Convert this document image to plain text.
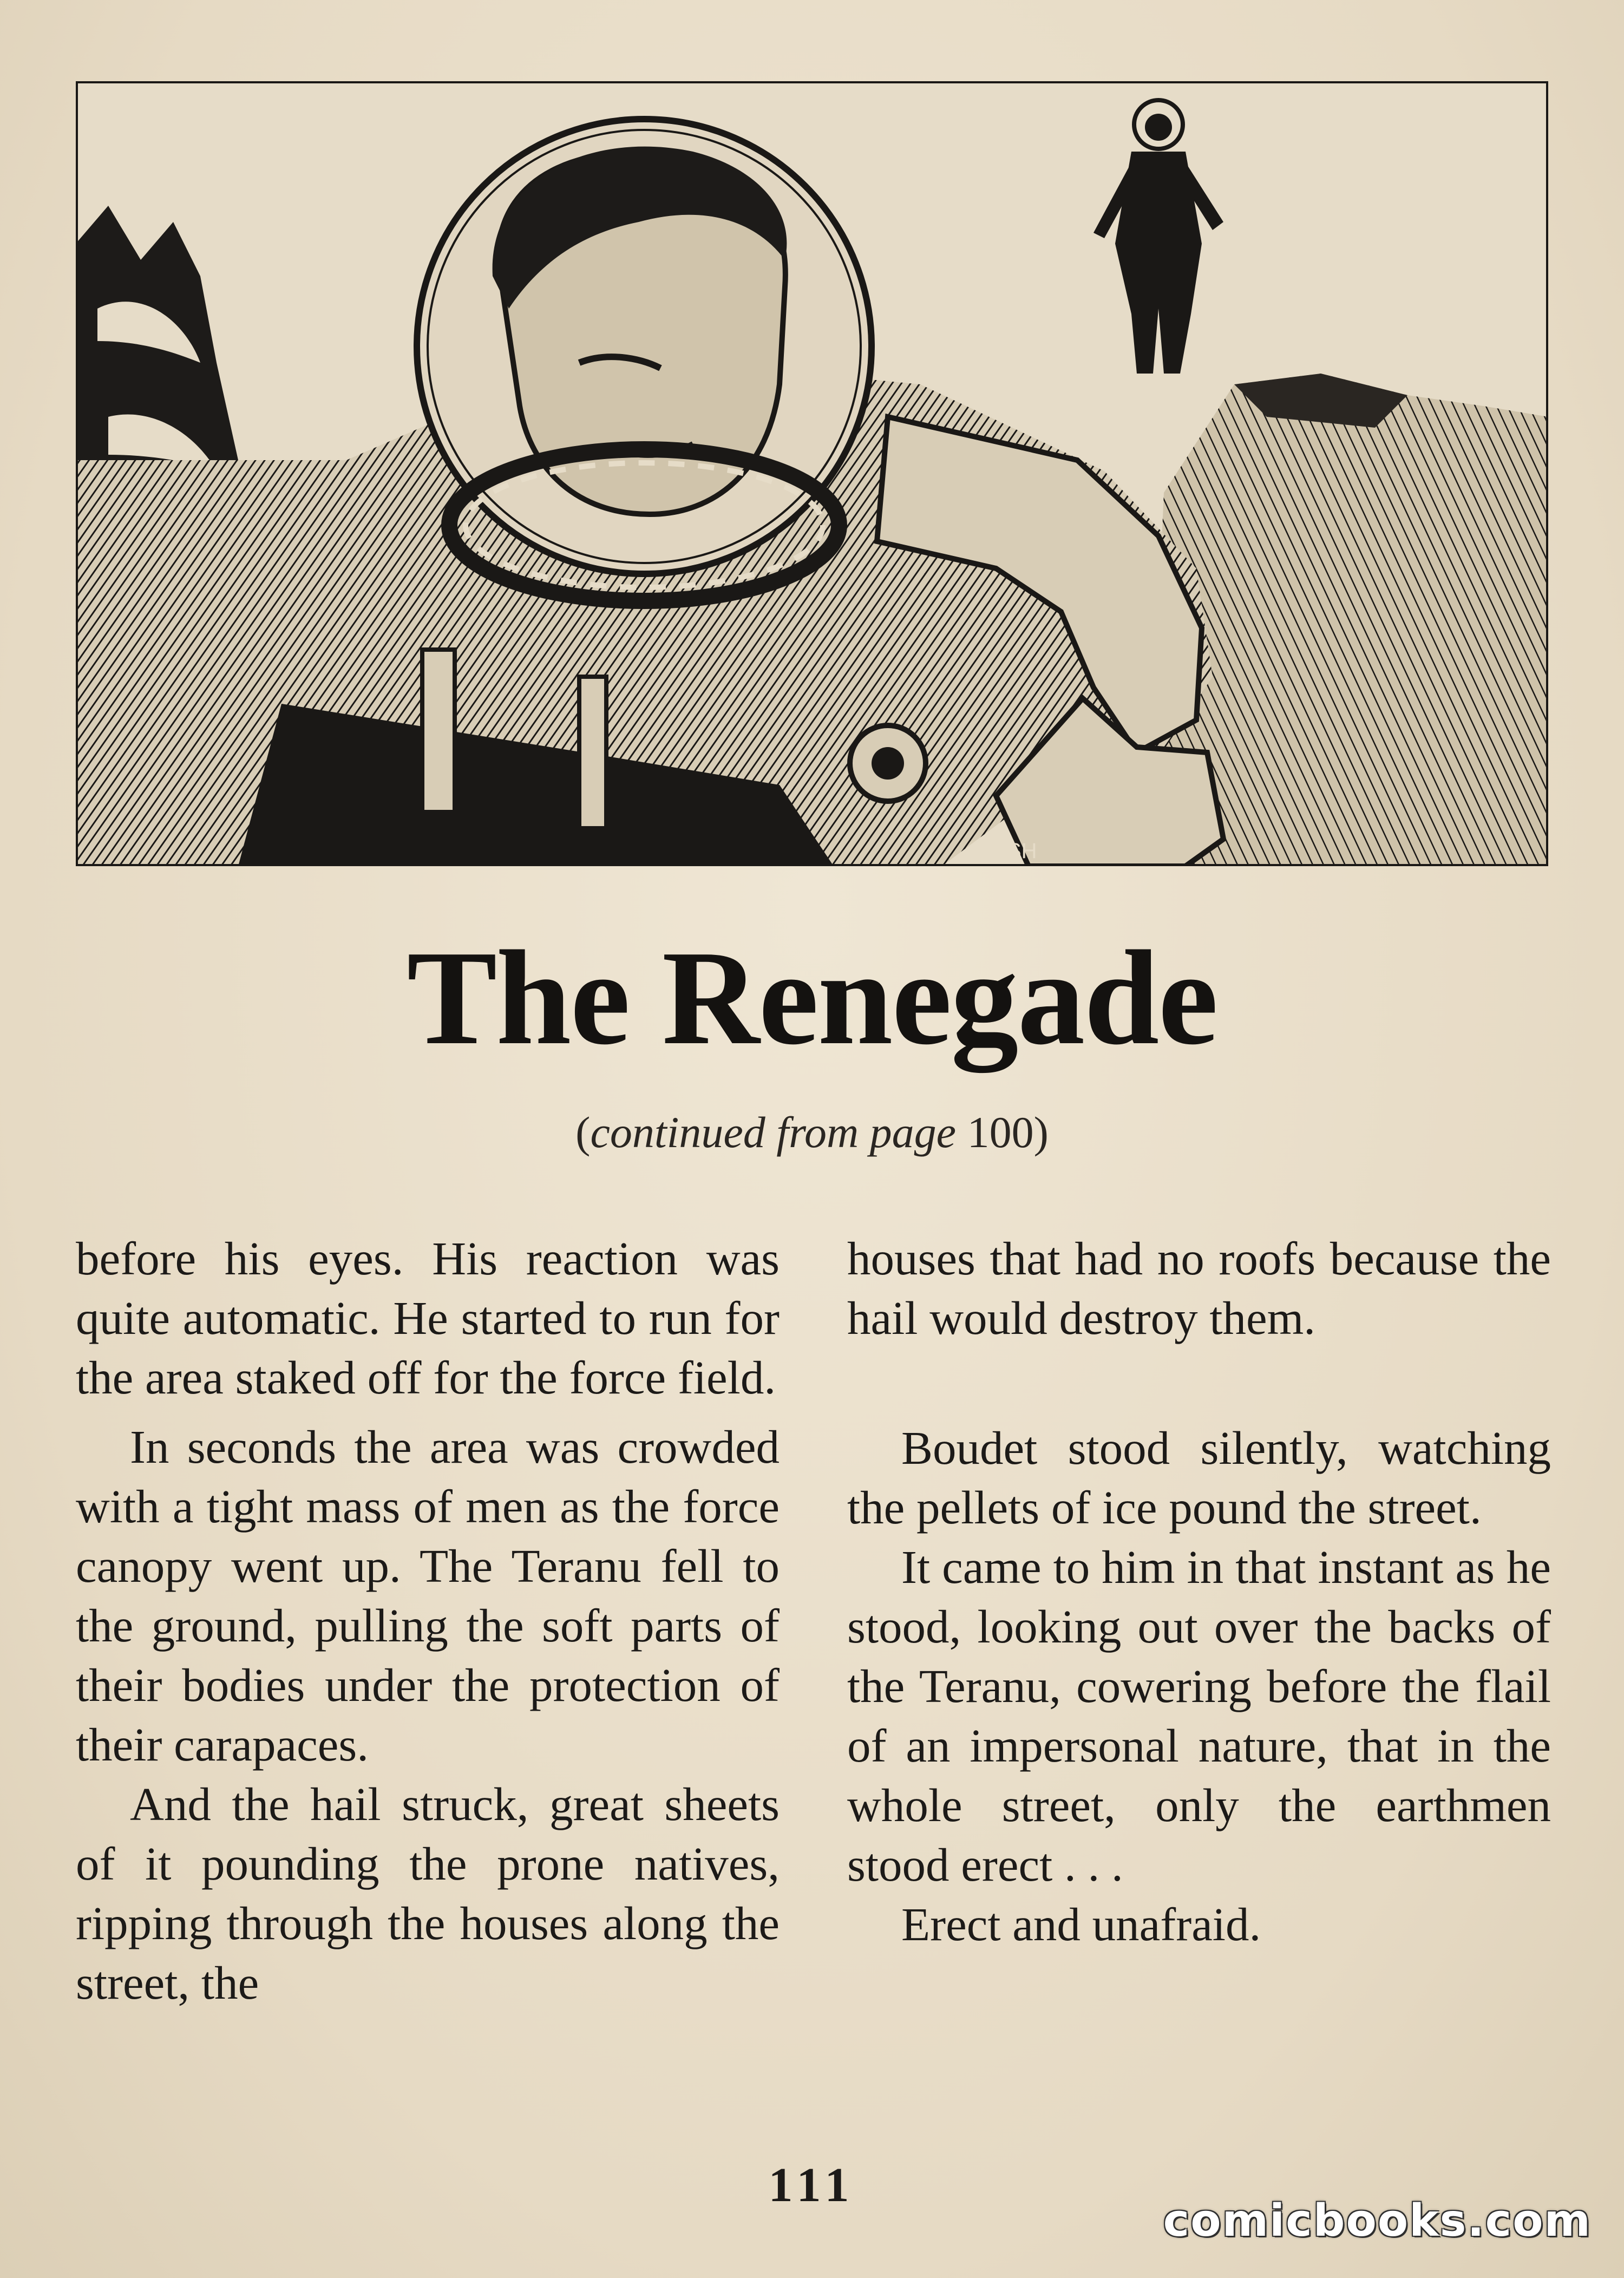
EMSH
The Renegade
(continued from page 100)

before his eyes. His reaction was quite automatic. He started to run for the area staked off for the force field.

In seconds the area was crowded with a tight mass of men as the force canopy went up. The Teranu fell to the ground, pulling the soft parts of their bodies under the protection of their carapaces.

And the hail struck, great sheets of it pounding the prone natives, ripping through the houses along the street, the

houses that had no roofs because the hail would destroy them.

Boudet stood silently, watching the pellets of ice pound the street.

It came to him in that instant as he stood, looking out over the backs of the Teranu, cowering before the flail of an impersonal nature, that in the whole street, only the earthmen stood erect . . .

Erect and unafraid.

111
comicbooks.com
